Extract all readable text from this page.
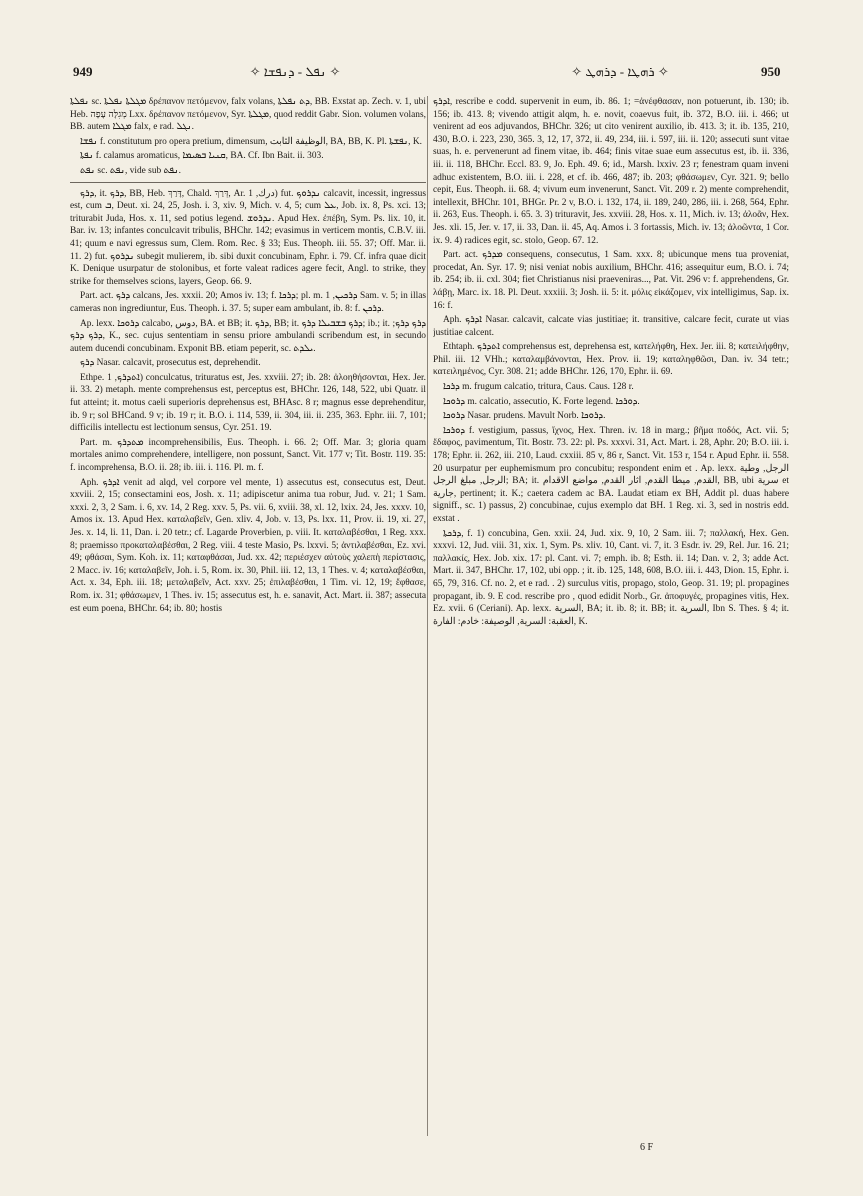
949	✧ ܢܦܠ - ܕܢܦܫܐ ✧	✧ ܪܗܛܐ - ܕܪܗܛ ✧	950

ܢܦܠܬܐ sc. ܡܓܠܬܐ ܢܦܠܬܐ δρέπανον πετόμενον, falx volans, ܕܬ ܢܦܠܬܐ, BB. Exstat ap. Zech. v. 1, ubi Heb. מְגִלָּה עָפָה Lxx. δρέπανον πετόμενον, Syr. ܡܓܠܬܐ, quod reddit Gabr. Sion. volumen volans, BB. autem ܡܓܠܐ falx, e rad. ܢܓܠ.

ܢܦܫܐ f. constitutum pro opera pretium, dimensum, الوظيفة الثابت, BA, BB, K. Pl. ܢܦܫܬܐ, K.

ܢܦܬܐ f. calamus aromaticus, ܩܢܝܐ ܒܣܝܡܐ, BA. Cf. Ibn Bait. ii. 303.

ܢܦܬ sc. ܢܦܬ, vide sub ܢܦܬ.

ܕܪܟ, it. ܕܪܟ, BB, Heb. דָּרַךְ, Chald. דְּרַךְ, Ar. درك, 1) fut. ܢܕܪܘܟ calcavit, incessit, ingressus est, cum ܒ, Deut. xi. 24, 25, Josh. i. 3, xiv. 9, Mich. v. 4, 5; cum ܥܠ, Job. ix. 8, Ps. xci. 13; triturabit Juda, Hos. x. 11, sed potius legend. ܢܕܪܘܫ. Apud Hex. ἐπέβη, Sym. Ps. lix. 10, it. Bar. iv. 13; infantes conculcavit tribulis, BHChr. 142; evasimus in verticem montis, C.B.V. iii. 41; quum e navi egressus sum, Clem. Rom. Rec. § 33; Eus. Theoph. iii. 55. 37; Off. Mar. ii. 11. 2) fut. ܢܕܪܘܟ subegit mulierem, ib. sibi duxit concubinam, Ephr. i. 79. Cf. infra quae dicit K. Denique usurpatur de stolonibus, et forte valeat radices agere fecit, Angl. to strike, they strike for themselves scions, layers, Geop. 66. 9.

Part. act. ܕܪܟ calcans, Jes. xxxii. 20; Amos iv. 13; f. ܕܪܟܐ; pl. m. ܕܪܟܝܢ, 1 Sam. v. 5; in illas cameras non ingrediuntur, Eus. Theoph. i. 37. 5; super eam ambulant, ib. 8: f. ܕܪܟܢ.

Ap. lexx. ܕܪܘܟܐ calcabo, دوس, BA. et BB; it. ܕܪܟ, BB; it. ܕܪܟ ܒܫܒܝܠܐ ܕܪܟ; ib.; it. ܕܪܟ ܕܪܟ; ܕܪܟ ܕܪܟ, K., sec. cujus sententiam in sensu priore ambulandi scribendum est, in secundo autem ducendi concubinam. Exponit BB. etiam peperit, sc. ܝܠܕܬ.

ܕܪܟ Nasar. calcavit, prosecutus est, deprehendit.

Ethpe. ܐܬܕܪܟ, 1) conculcatus, trituratus est, Jes. xxviii. 27; ib. 28: ἀλοηθήσονται, Hex. Jer. ii. 33. 2) metaph. mente comprehensus est, perceptus est, BHChr. 126, 148, 522, ubi Quatr. il fut atteint; it. motus caeli superioris deprehensus est, BHAsc. 8 r; magnus esse deprehenditur, ib. 9 r; sol BHCand. 9 v; ib. 19 r; it. B.O. i. 114, 539, ii. 304, iii. ii. 235, 363. Ephr. iii. 7, 101; difficilis intellectu est lectionum sensus, Cyr. 251. 19.

Part. m. ܡܬܕܪܟ incomprehensibilis, Eus. Theoph. i. 66. 2; Off. Mar. 3; gloria quam mortales animo comprehendere, intelligere, non possunt, Sanct. Vit. 177 v; Tit. Bostr. 119. 35: f. incomprehensa, B.O. ii. 28; ib. iii. i. 116. Pl. m. f.

Aph. ܐܕܪܟ venit ad alqd, vel corpore vel mente, 1) assecutus est, consecutus est, Deut. xxviii. 2, 15; consectamini eos, Josh. x. 11; adipiscetur anima tua robur, Jud. v. 21; 1 Sam. xxxi. 2, 3, 2 Sam. i. 6, xv. 14, 2 Reg. xxv. 5, Ps. vii. 6, xviii. 38, xl. 12, lxix. 24, Jes. xxxv. 10, Amos ix. 13. Apud Hex. καταλαβεῖν, Gen. xliv. 4, Job. v. 13, Ps. lxx. 11, Prov. ii. 19, xi. 27, Jes. x. 14, li. 11, Dan. i. 20 tetr.; cf. Lagarde Proverbien, p. viii. It. καταλαβέσθαι, 1 Reg. xxx. 8; praemisso προκαταλαβέσθαι, 2 Reg. viii. 4 teste Masio, Ps. lxxvi. 5; ἀντιλαβέσθαι, Ez. xvi. 49; φθάσαι, Sym. Koh. ix. 11; καταφθάσαι, Jud. xx. 42; περιέσχεν αὐτοὺς χαλεπὴ περίστασις, 2 Macc. iv. 16; καταλαβεῖν, Joh. i. 5, Rom. ix. 30, Phil. iii. 12, 13, 1 Thes. v. 4; καταλαβέσθαι, Act. x. 34, Eph. iii. 18; μεταλαβεῖν, Act. xxv. 25; ἐπιλαβέσθαι, 1 Tim. vi. 12, 19; ἔφθασε, Rom. ix. 31; φθάσωμεν, 1 Thes. iv. 15; assecutus est, h. e. sanavit, Act. Mart. ii. 387; assecuta est eum poena, BHChr. 64; ib. 80; hostis

ܐܕܪܟ, rescribe e codd. supervenit in eum, ib. 86. 1; =ἀνέφθασαν, non potuerunt, ib. 130; ib. 156; ib. 413. 8; vivendo attigit alqm, h. e. novit, coaevus fuit, ib. 372, B.O. iii. i. 466; ut venirent ad eos adjuvandos, BHChr. 326; ut cito venirent auxilio, ib. 413. 3; it. ib. 135, 210, 430, B.O. i. 223, 230, 365. 3, 12, 17, 372, ii. 49, 234, iii. i. 597, iii. ii. 120; assecuti sunt vitae suas, h. e. pervenerunt ad finem vitae, ib. 464; finis vitae suae eum assecutus est, ib. ii. 336, iii. ii. 118, BHChr. Eccl. 83. 9, Jo. Eph. 49. 6; id., Marsh. lxxiv. 23 r; fenestram quam inveni adhuc existentem, B.O. iii. i. 228, et cf. ib. 466, 487; ib. 203; φθάσωμεν, Cyr. 321. 9; bello cepit, Eus. Theoph. ii. 68. 4; vivum eum invenerunt, Sanct. Vit. 209 r. 2) mente comprehendit, intellexit, BHChr. 101, BHGr. Pr. 2 v, B.O. i. 132, 174, ii. 189, 240, 286, iii. i. 268, 564, Ephr. ii. 263, Eus. Theoph. i. 65. 3. 3) trituravit, Jes. xxviii. 28, Hos. x. 11, Mich. iv. 13; ἀλοᾶν, Hex. Jes. xli. 15, Jer. v. 17, ii. 33, Dan. ii. 45, Aq. Amos i. 3 fortassis, Mich. iv. 13; ἀλοῶντα, 1 Cor. ix. 9. 4) radices egit, sc. stolo, Geop. 67. 12.

Part. act. ܡܕܪܟ consequens, consecutus, 1 Sam. xxx. 8; ubicunque mens tua proveniat, procedat, An. Syr. 17. 9; nisi veniat nobis auxilium, BHChr. 416; assequitur eum, B.O. i. 74; ib. 254; ib. ii. cxl. 304; fiet Christianus nisi praeveniras..., Pat. Vit. 296 v: f. apprehendens, Gr. λάβῃ, Marc. ix. 18. Pl. Deut. xxxiii. 3; Josh. ii. 5: it. μόλις εἰκάζομεν, vix intelligimus, Sap. ix. 16: f.

Aph. ܐܕܪܟ Nasar. calcavit, calcate vias justitiae; it. transitive, calcare fecit, curate ut vias justitiae calcent.

Ethtaph. ܐܬܕܪܟ comprehensus est, deprehensa est, κατελήφθη, Hex. Jer. iii. 8; κατειλήφθην, Phil. iii. 12 VHh.; καταλαμβάνονται, Hex. Prov. ii. 19; καταληφθῶσι, Dan. iv. 34 tetr.; κατειλημένος, Cyr. 308. 21; adde BHChr. 126, 170, Ephr. ii. 69.

ܕܪܟܐ m. frugum calcatio, tritura, Caus. Caus. 128 r.

ܕܪܘܟܐ m. calcatio, assecutio, K. Forte legend. ܕܘܪܟܐ.

ܕܪܘܟܐ Nasar. prudens. Mavult Norb. ܕܪܘܟܐ.

ܕܘܪܟܐ f. vestigium, passus, ἴχνος, Hex. Thren. iv. 18 in marg.; βῆμα ποδός, Act. vii. 5; ἔδαφος, pavimentum, Tit. Bostr. 73. 22: pl. Ps. xxxvi. 31, Act. Mart. i. 28, Aphr. 20; B.O. iii. i. 178; Ephr. ii. 262, iii. 210, Laud. cxxiii. 85 v, 86 r, Sanct. Vit. 153 r, 154 r. Apud Ephr. ii. 558. 20 usurpatur per euphemismum pro concubitu; respondent enim et . Ap. lexx. الرجل, وطية الرجل, مبلغ الرجل; BA; it. القدم, ميطا القدم, اثار القدم, مواضع الاقدام, BB, ubi سرية et جارية, pertinent; it. K.; caetera cadem ac BA. Laudat etiam ex BH, Addit pl. duas habere signiff., sc. 1) passus, 2) concubinae, cujus exemplo dat BH. 1 Reg. xi. 3, sed in nostris edd. exstat .

ܕܪܟܬܐ, f. 1) concubina, Gen. xxii. 24, Jud. xix. 9, 10, 2 Sam. iii. 7; παλλακή, Hex. Gen. xxxvi. 12, Jud. viii. 31, xix. 1, Sym. Ps. xliv. 10, Cant. vi. 7, it. 3 Esdr. iv. 29, Rel. Jur. 16. 21; παλλακίς, Hex. Job. xix. 17: pl. Cant. vi. 7; emph. ib. 8; Esth. ii. 14; Dan. v. 2, 3; adde Act. Mart. ii. 347, BHChr. 17, 102, ubi opp. ; it. ib. 125, 148, 608, B.O. iii. i. 443, Dion. 15, Ephr. i. 65, 79, 316. Cf. no. 2, et e rad. . 2) surculus vitis, propago, stolo, Geop. 31. 19; pl. propagines propagant, ib. 9. E cod. rescribe pro , quod edidit Norb., Gr. ἀποφυγές, propagines vitis, Hex. Ez. xvii. 6 (Ceriani). Ap. lexx. السرية, BA; it. ib. 8; it. BB; it. السرية, Ibn S. Thes. § 4; it. العقبة: السرية, الوصيفة: خادم: الفارة, K.

6 F
